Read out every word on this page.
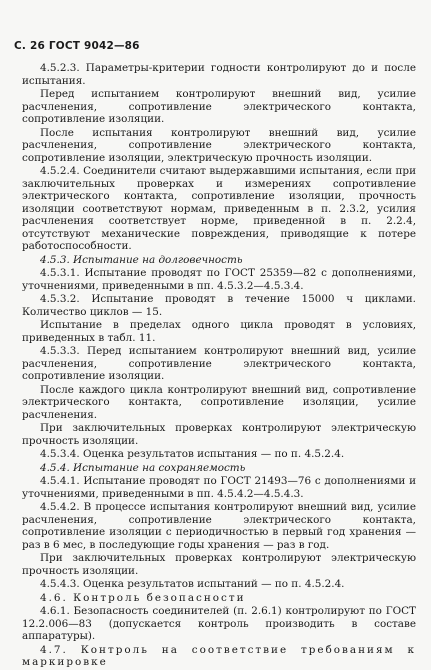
С. 26 ГОСТ 9042—86

4.5.2.3. Параметры-критерии годности контролируют до и после испытания.

Перед испытанием контролируют внешний вид, усилие расчленения, сопротивление электрического контакта, сопротивление изоляции.

После испытания контролируют внешний вид, усилие расчленения, сопротивление электрического контакта, сопротивление изоляции, электрическую прочность изоляции.

4.5.2.4. Соединители считают выдержавшими испытания, если при заключительных проверках и измерениях сопротивление электрического контакта, сопротивление изоляции, прочность изоляции соответствуют нормам, приведенным в п. 2.3.2, усилия расчленения соответствует норме, приведенной в п. 2.2.4, отсутствуют механические повреждения, приводящие к потере работоспособности.

4.5.3. Испытание на долговечность

4.5.3.1. Испытание проводят по ГОСТ 25359—82 с дополнениями, уточнениями, приведенными в пп. 4.5.3.2—4.5.3.4.

4.5.3.2. Испытание проводят в течение 15000 ч циклами. Количество циклов — 15.

Испытание в пределах одного цикла проводят в условиях, приведенных в табл. 11.

4.5.3.3. Перед испытанием контролируют внешний вид, усилие расчленения, сопротивление электрического контакта, сопротивление изоляции.

После каждого цикла контролируют внешний вид, сопротивление электрического контакта, сопротивление изоляции, усилие расчленения.

При заключительных проверках контролируют электрическую прочность изоляции.

4.5.3.4. Оценка результатов испытания — по п. 4.5.2.4.

4.5.4. Испытание на сохраняемость

4.5.4.1. Испытание проводят по ГОСТ 21493—76 с дополнениями и уточнениями, приведенными в пп. 4.5.4.2—4.5.4.3.

4.5.4.2. В процессе испытания контролируют внешний вид, усилие расчленения, сопротивление электрического контакта, сопротивление изоляции с периодичностью в первый год хранения — раз в 6 мес, в последующие годы хранения — раз в год.

При заключительных проверках контролируют электрическую прочность изоляции.

4.5.4.3. Оценка результатов испытаний — по п. 4.5.2.4.

4.6. Контроль безопасности

4.6.1. Безопасность соединителей (п. 2.6.1) контролируют по ГОСТ 12.2.006—83 (допускается контроль производить в составе аппаратуры).

4.7. Контроль на соответствие требованиям к маркировке
